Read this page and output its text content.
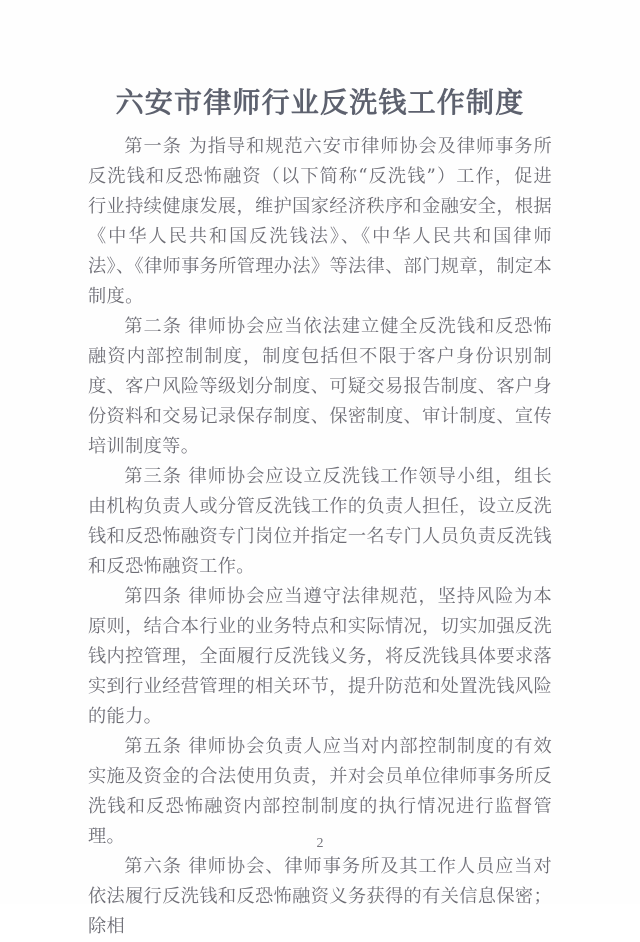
六安市律师行业反洗钱工作制度

第一条 为指导和规范六安市律师协会及律师事务所反洗钱和反恐怖融资（以下简称“反洗钱”）工作，促进行业持续健康发展，维护国家经济秩序和金融安全，根据《中华人民共和国反洗钱法》、《中华人民共和国律师法》、《律师事务所管理办法》等法律、部门规章，制定本制度。

第二条 律师协会应当依法建立健全反洗钱和反恐怖融资内部控制制度，制度包括但不限于客户身份识别制度、客户风险等级划分制度、可疑交易报告制度、客户身份资料和交易记录保存制度、保密制度、审计制度、宣传培训制度等。

第三条 律师协会应设立反洗钱工作领导小组，组长由机构负责人或分管反洗钱工作的负责人担任，设立反洗钱和反恐怖融资专门岗位并指定一名专门人员负责反洗钱和反恐怖融资工作。

第四条 律师协会应当遵守法律规范，坚持风险为本原则，结合本行业的业务特点和实际情况，切实加强反洗钱内控管理，全面履行反洗钱义务，将反洗钱具体要求落实到行业经营管理的相关环节，提升防范和处置洗钱风险的能力。

第五条 律师协会负责人应当对内部控制制度的有效实施及资金的合法使用负责，并对会员单位律师事务所反洗钱和反恐怖融资内部控制制度的执行情况进行监督管理。

第六条 律师协会、律师事务所及其工作人员应当对依法履行反洗钱和反恐怖融资义务获得的有关信息保密；除相

2
